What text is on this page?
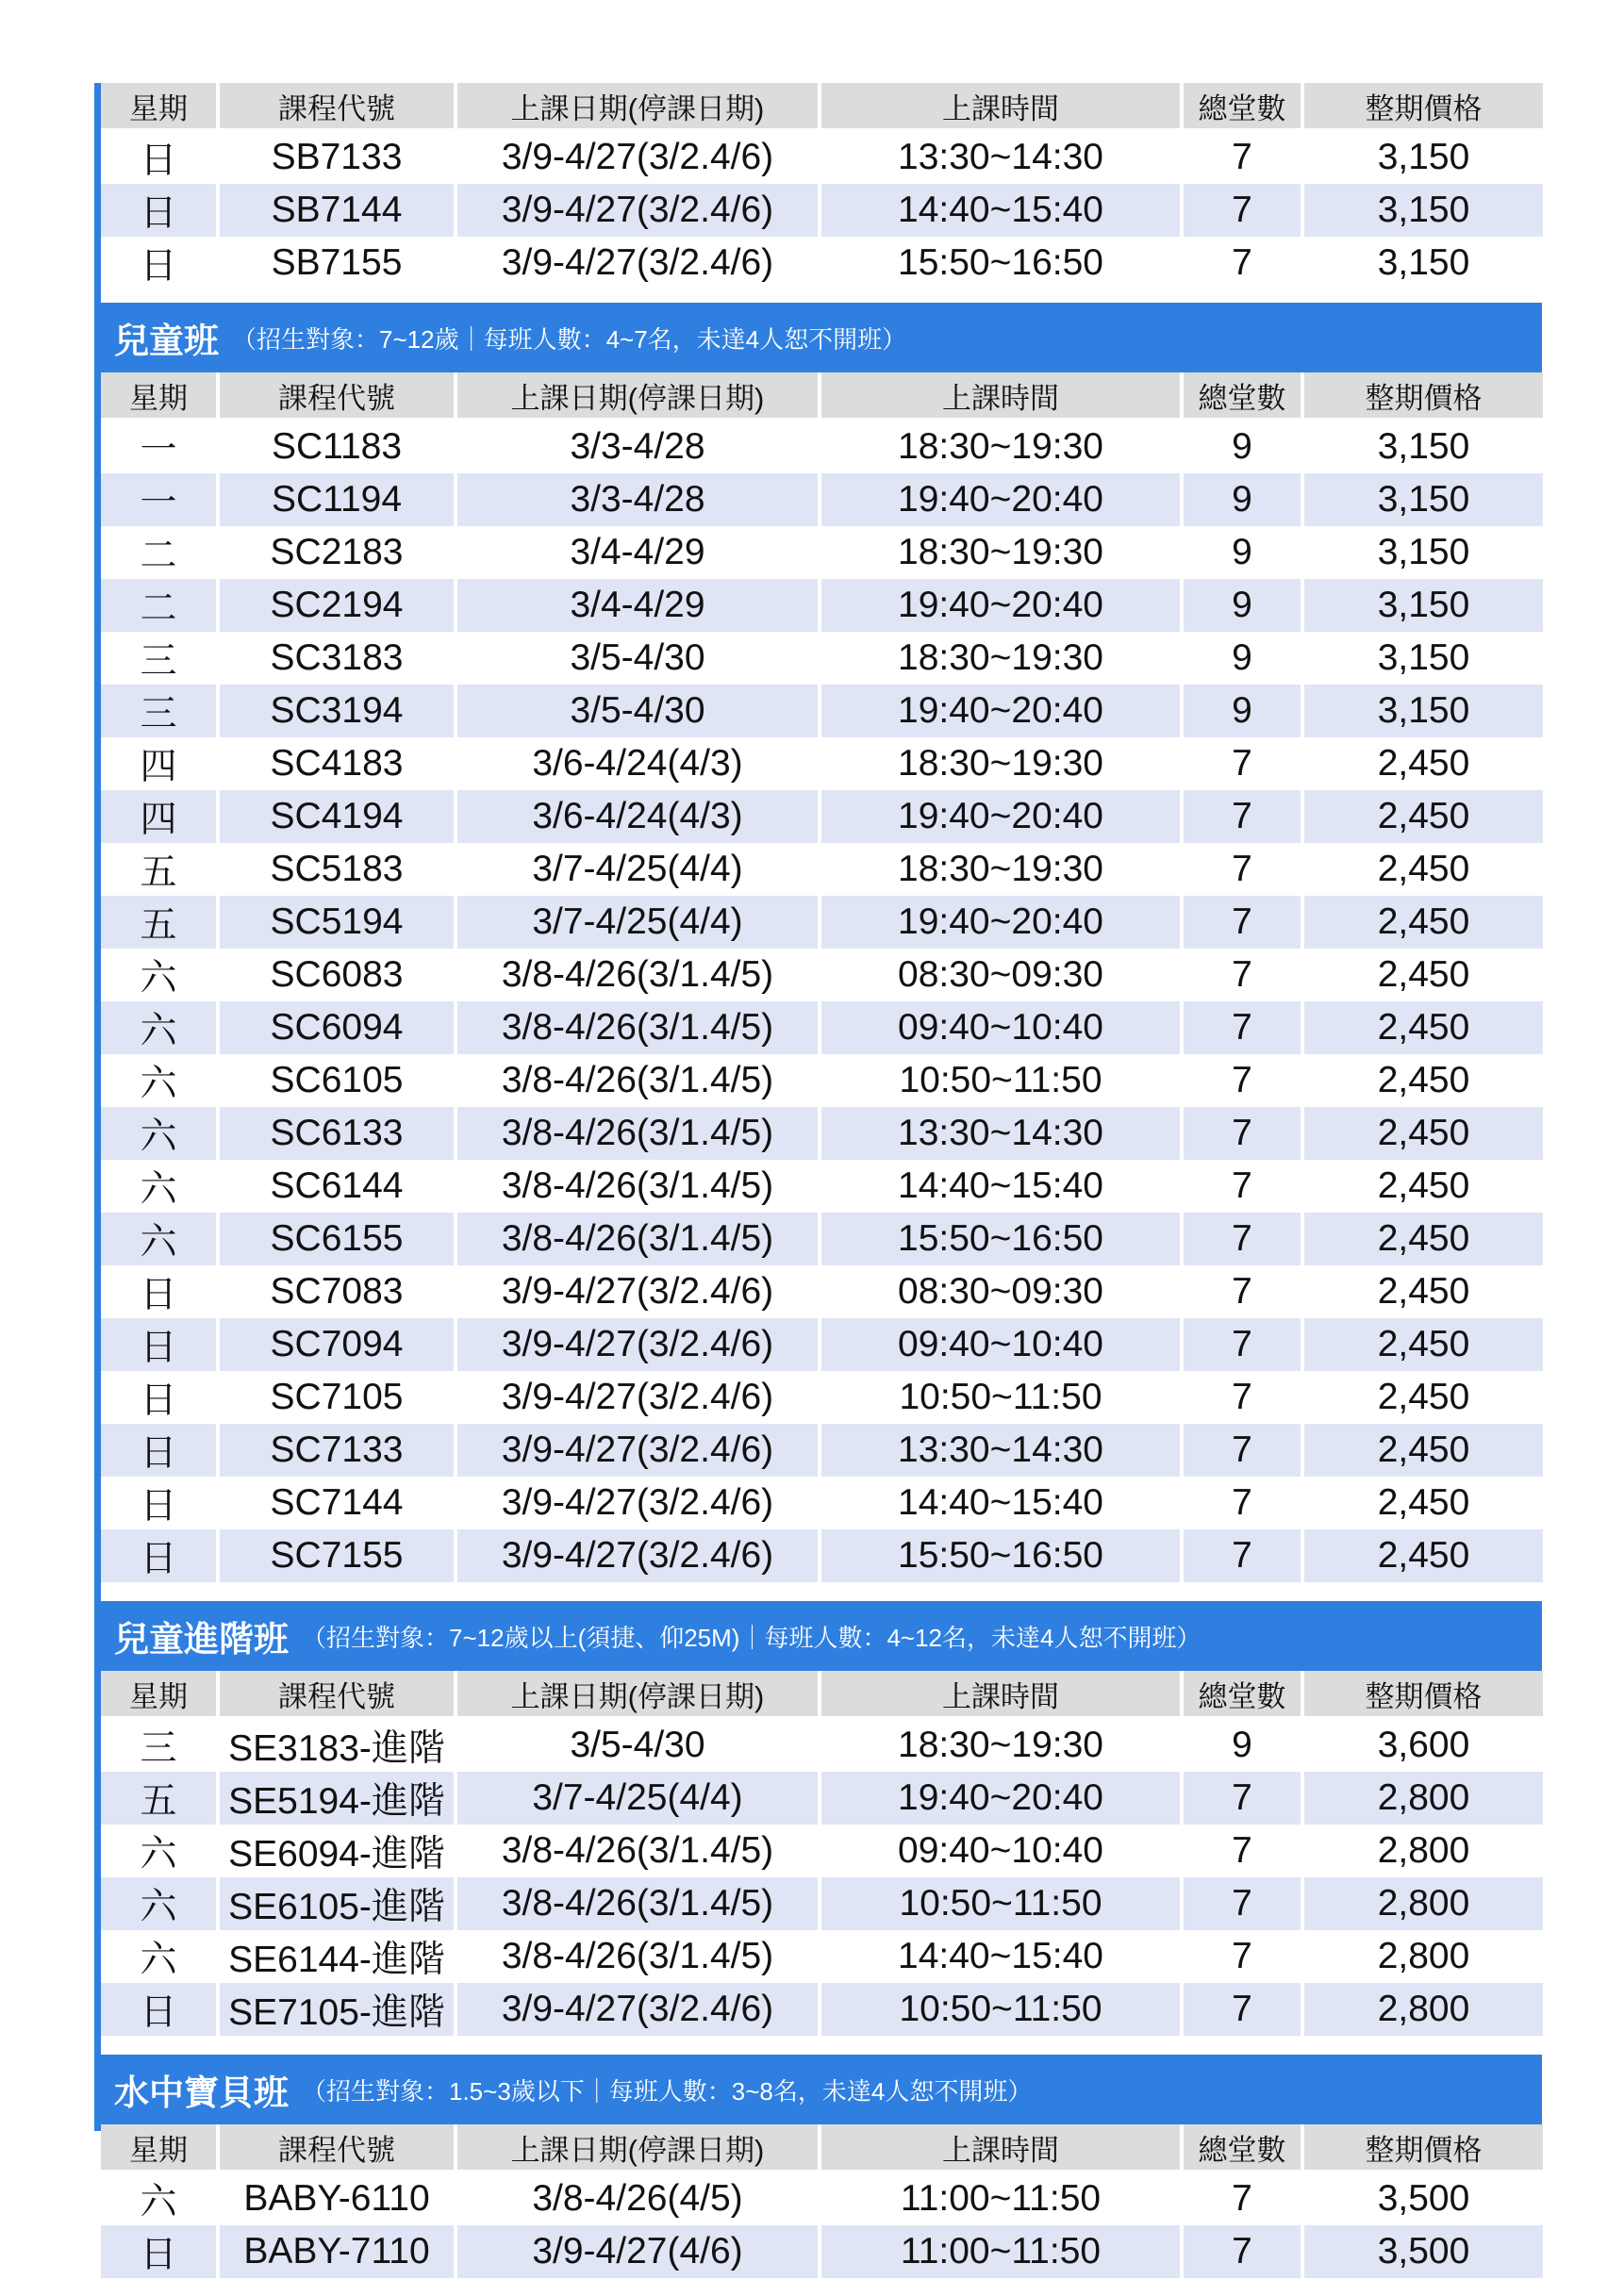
星期	課程代號	上課日期(停課日期)	上課時間	總堂數	整期價格
日	SB7133	3/9-4/27(3/2.4/6)	13:30~14:30	7	3,150
日	SB7144	3/9-4/27(3/2.4/6)	14:40~15:40	7	3,150
日	SB7155	3/9-4/27(3/2.4/6)	15:50~16:50	7	3,150
兒童班 （招生對象：7~12歲｜每班人數：4~7名，未達4人恕不開班）
星期	課程代號	上課日期(停課日期)	上課時間	總堂數	整期價格
一	SC1183	3/3-4/28	18:30~19:30	9	3,150
一	SC1194	3/3-4/28	19:40~20:40	9	3,150
二	SC2183	3/4-4/29	18:30~19:30	9	3,150
二	SC2194	3/4-4/29	19:40~20:40	9	3,150
三	SC3183	3/5-4/30	18:30~19:30	9	3,150
三	SC3194	3/5-4/30	19:40~20:40	9	3,150
四	SC4183	3/6-4/24(4/3)	18:30~19:30	7	2,450
四	SC4194	3/6-4/24(4/3)	19:40~20:40	7	2,450
五	SC5183	3/7-4/25(4/4)	18:30~19:30	7	2,450
五	SC5194	3/7-4/25(4/4)	19:40~20:40	7	2,450
六	SC6083	3/8-4/26(3/1.4/5)	08:30~09:30	7	2,450
六	SC6094	3/8-4/26(3/1.4/5)	09:40~10:40	7	2,450
六	SC6105	3/8-4/26(3/1.4/5)	10:50~11:50	7	2,450
六	SC6133	3/8-4/26(3/1.4/5)	13:30~14:30	7	2,450
六	SC6144	3/8-4/26(3/1.4/5)	14:40~15:40	7	2,450
六	SC6155	3/8-4/26(3/1.4/5)	15:50~16:50	7	2,450
日	SC7083	3/9-4/27(3/2.4/6)	08:30~09:30	7	2,450
日	SC7094	3/9-4/27(3/2.4/6)	09:40~10:40	7	2,450
日	SC7105	3/9-4/27(3/2.4/6)	10:50~11:50	7	2,450
日	SC7133	3/9-4/27(3/2.4/6)	13:30~14:30	7	2,450
日	SC7144	3/9-4/27(3/2.4/6)	14:40~15:40	7	2,450
日	SC7155	3/9-4/27(3/2.4/6)	15:50~16:50	7	2,450
兒童進階班 （招生對象：7~12歲以上(須捷、仰25M)｜每班人數：4~12名，未達4人恕不開班）
星期	課程代號	上課日期(停課日期)	上課時間	總堂數	整期價格
三	SE3183-進階	3/5-4/30	18:30~19:30	9	3,600
五	SE5194-進階	3/7-4/25(4/4)	19:40~20:40	7	2,800
六	SE6094-進階	3/8-4/26(3/1.4/5)	09:40~10:40	7	2,800
六	SE6105-進階	3/8-4/26(3/1.4/5)	10:50~11:50	7	2,800
六	SE6144-進階	3/8-4/26(3/1.4/5)	14:40~15:40	7	2,800
日	SE7105-進階	3/9-4/27(3/2.4/6)	10:50~11:50	7	2,800
水中寶貝班 （招生對象：1.5~3歲以下｜每班人數：3~8名，未達4人恕不開班）
星期	課程代號	上課日期(停課日期)	上課時間	總堂數	整期價格
六	BABY-6110	3/8-4/26(4/5)	11:00~11:50	7	3,500
日	BABY-7110	3/9-4/27(4/6)	11:00~11:50	7	3,500
